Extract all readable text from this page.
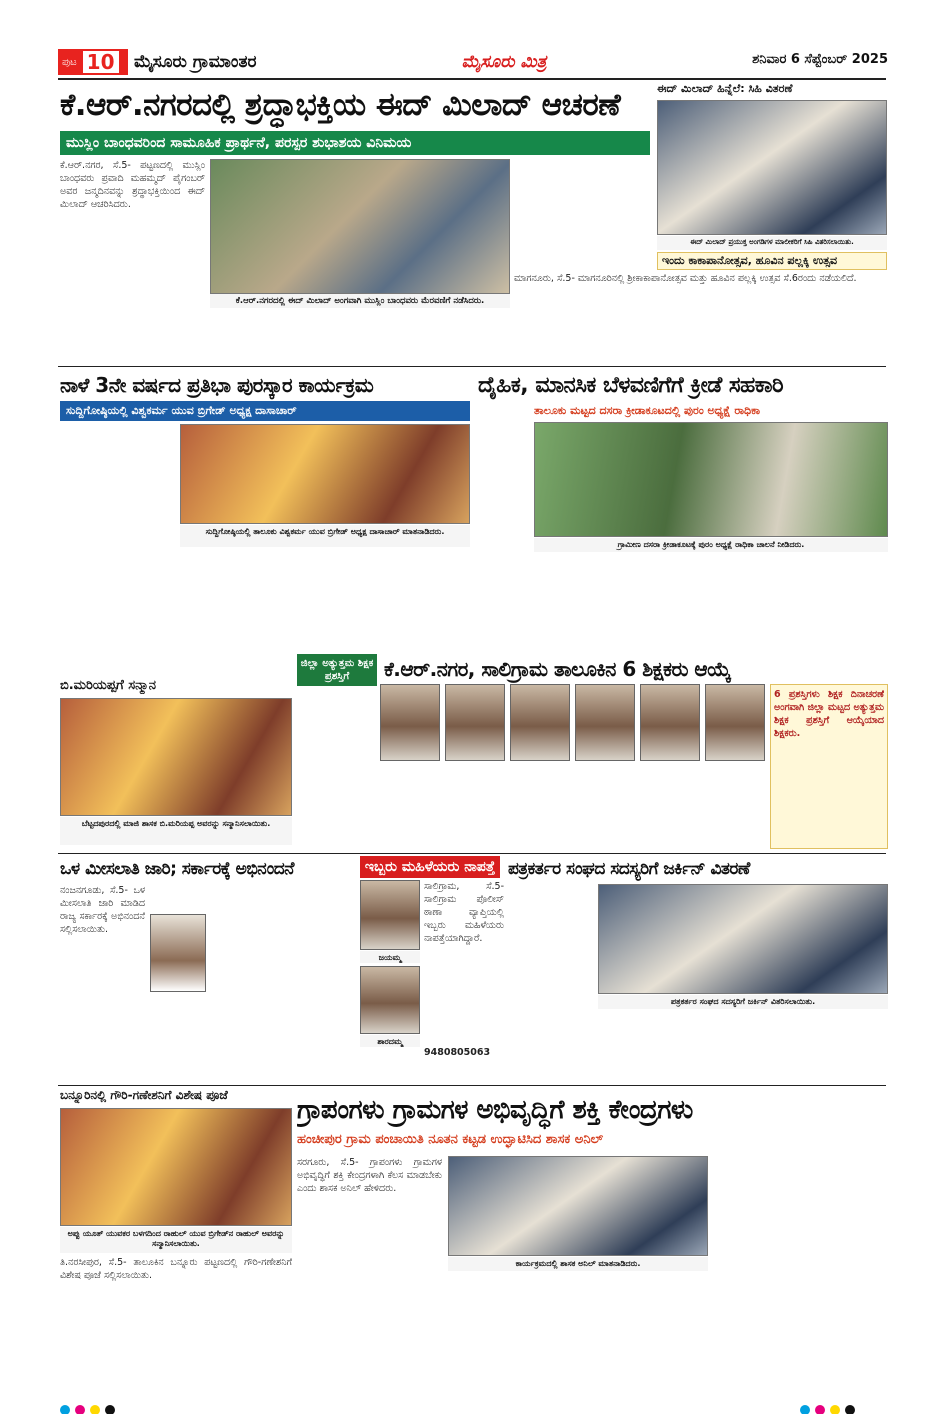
ಪುಟ 10 ಮೈಸೂರು ಗ್ರಾಮಾಂತರ	ಮೈಸೂರು ಮಿತ್ರ	ಶನಿವಾರ 6 ಸೆಪ್ಟೆಂಬರ್ 2025
ಕೆ.ಆರ್.ನಗರದಲ್ಲಿ ಶ್ರದ್ಧಾಭಕ್ತಿಯ ಈದ್ ಮಿಲಾದ್ ಆಚರಣೆ
ಮುಸ್ಲಿಂ ಬಾಂಧವರಿಂದ ಸಾಮೂಹಿಕ ಪ್ರಾರ್ಥನೆ, ಪರಸ್ಪರ ಶುಭಾಶಯ ವಿನಿಮಯ
ಕೆ.ಆರ್.ನಗರ, ಸೆ.5- ಪಟ್ಟಣದಲ್ಲಿ ಮುಸ್ಲಿಂ ಬಾಂಧವರು ಪ್ರವಾದಿ ಮಹಮ್ಮದ್ ಪೈಗಂಬರ್ ಅವರ ಜನ್ಮದಿನವನ್ನು ಶ್ರದ್ಧಾಭಕ್ತಿಯಿಂದ ಈದ್ ಮಿಲಾದ್ ಆಚರಿಸಿದರು.
ಕೆ.ಆರ್.ನಗರದಲ್ಲಿ ಈದ್ ಮಿಲಾದ್ ಅಂಗವಾಗಿ ಮುಸ್ಲಿಂ ಬಾಂಧವರು ಮೆರವಣಿಗೆ ನಡೆಸಿದರು.
ಈದ್ ಮಿಲಾದ್ ಹಿನ್ನೆಲೆ: ಸಿಹಿ ವಿತರಣೆ
ಈದ್ ಮಿಲಾದ್ ಪ್ರಯುಕ್ತ ಅಂಗಡಿಗಳ ಮಾಲೀಕರಿಗೆ ಸಿಹಿ ವಿತರಿಸಲಾಯಿತು.
ಇಂದು ಕಾಕಾಪಾನೋತ್ಸವ, ಹೂವಿನ ಪಲ್ಲಕ್ಕಿ ಉತ್ಸವ
ಮಾಗನೂರು, ಸೆ.5- ಮಾಗನೂರಿನಲ್ಲಿ ಶ್ರೀಕಾಕಾಪಾನೋತ್ಸವ ಮತ್ತು ಹೂವಿನ ಪಲ್ಲಕ್ಕಿ ಉತ್ಸವ ಸೆ.6ರಂದು ನಡೆಯಲಿದೆ.
ನಾಳೆ 3ನೇ ವರ್ಷದ ಪ್ರತಿಭಾ ಪುರಸ್ಕಾರ ಕಾರ್ಯಕ್ರಮ
ಸುದ್ದಿಗೋಷ್ಠಿಯಲ್ಲಿ ವಿಶ್ವಕರ್ಮ ಯುವ ಬ್ರಿಗೇಡ್ ಅಧ್ಯಕ್ಷ ದಾಸಾಚಾರ್
ಸುದ್ದಿಗೋಷ್ಠಿಯಲ್ಲಿ ತಾಲೂಕು ವಿಶ್ವಕರ್ಮ ಯುವ ಬ್ರಿಗೇಡ್ ಅಧ್ಯಕ್ಷ ದಾಸಾಚಾರ್ ಮಾತನಾಡಿದರು.
ದೈಹಿಕ, ಮಾನಸಿಕ ಬೆಳವಣಿಗೆಗೆ ಕ್ರೀಡೆ ಸಹಕಾರಿ
ತಾಲೂಕು ಮಟ್ಟದ ದಸರಾ ಕ್ರೀಡಾಕೂಟದಲ್ಲಿ ಪುರಂ ಅಧ್ಯಕ್ಷೆ ರಾಧಿಕಾ
ಗ್ರಾಮೀಣ ದಸರಾ ಕ್ರೀಡಾಕೂಟಕ್ಕೆ ಪುರಂ ಅಧ್ಯಕ್ಷೆ ರಾಧಿಕಾ ಚಾಲನೆ ನೀಡಿದರು.
ಬಿ.ಮರಿಯಪ್ಪಗೆ ಸನ್ಮಾನ
ಬೆಟ್ಟದಪುರದಲ್ಲಿ ಮಾಜಿ ಶಾಸಕ ಬಿ.ಮರಿಯಪ್ಪ ಅವರನ್ನು ಸನ್ಮಾನಿಸಲಾಯಿತು.
ಜಿಲ್ಲಾ ಅತ್ಯುತ್ತಮ ಶಿಕ್ಷಕ ಪ್ರಶಸ್ತಿಗೆ	ಕೆ.ಆರ್.ನಗರ, ಸಾಲಿಗ್ರಾಮ ತಾಲೂಕಿನ 6 ಶಿಕ್ಷಕರು ಆಯ್ಕೆ
6 ಪ್ರಶಸ್ತಿಗಳು ಶಿಕ್ಷಕ ದಿನಾಚರಣೆ ಅಂಗವಾಗಿ ಜಿಲ್ಲಾ ಮಟ್ಟದ ಅತ್ಯುತ್ತಮ ಶಿಕ್ಷಕ ಪ್ರಶಸ್ತಿಗೆ ಆಯ್ಕೆಯಾದ ಶಿಕ್ಷಕರು.
ಒಳ ಮೀಸಲಾತಿ ಜಾರಿ; ಸರ್ಕಾರಕ್ಕೆ ಅಭಿನಂದನೆ
ನಂಜನಗೂಡು, ಸೆ.5- ಒಳ ಮೀಸಲಾತಿ ಜಾರಿ ಮಾಡಿದ ರಾಜ್ಯ ಸರ್ಕಾರಕ್ಕೆ ಅಭಿನಂದನೆ ಸಲ್ಲಿಸಲಾಯಿತು.
ಇಬ್ಬರು ಮಹಿಳೆಯರು ನಾಪತ್ತೆ
ಜಯಮ್ಮ
ಶಾರದಮ್ಮ
ಸಾಲಿಗ್ರಾಮ, ಸೆ.5- ಸಾಲಿಗ್ರಾಮ ಪೊಲೀಸ್ ಠಾಣಾ ವ್ಯಾಪ್ತಿಯಲ್ಲಿ ಇಬ್ಬರು ಮಹಿಳೆಯರು ನಾಪತ್ತೆಯಾಗಿದ್ದಾರೆ.
9480805063
ಪತ್ರಕರ್ತರ ಸಂಘದ ಸದಸ್ಯರಿಗೆ ಜರ್ಕಿನ್ ವಿತರಣೆ
ಪತ್ರಕರ್ತರ ಸಂಘದ ಸದಸ್ಯರಿಗೆ ಜರ್ಕಿನ್ ವಿತರಿಸಲಾಯಿತು.
ಬನ್ನೂರಿನಲ್ಲಿ ಗೌರಿ-ಗಣೇಶನಿಗೆ ವಿಶೇಷ ಪೂಜೆ
ಅಪ್ಪು ಯೂತ್ ಯುವಕರ ಬಳಗದಿಂದ ರಾಹುಲ್ ಯುವ ಬ್ರಿಗೇಡ್‌ನ ರಾಹುಲ್ ಅವರನ್ನು ಸನ್ಮಾನಿಸಲಾಯಿತು.
ತಿ.ನರಸೀಪುರ, ಸೆ.5- ತಾಲೂಕಿನ ಬನ್ನೂರು ಪಟ್ಟಣದಲ್ಲಿ ಗೌರಿ-ಗಣೇಶನಿಗೆ ವಿಶೇಷ ಪೂಜೆ ಸಲ್ಲಿಸಲಾಯಿತು.
ಗ್ರಾಪಂಗಳು ಗ್ರಾಮಗಳ ಅಭಿವೃದ್ಧಿಗೆ ಶಕ್ತಿ ಕೇಂದ್ರಗಳು
ಹಂಚೀಪುರ ಗ್ರಾಮ ಪಂಚಾಯಿತಿ ನೂತನ ಕಟ್ಟಡ ಉದ್ಘಾಟಿಸಿದ ಶಾಸಕ ಅನಿಲ್
ಸರಗೂರು, ಸೆ.5- ಗ್ರಾಪಂಗಳು ಗ್ರಾಮಗಳ ಅಭಿವೃದ್ಧಿಗೆ ಶಕ್ತಿ ಕೇಂದ್ರಗಳಾಗಿ ಕೆಲಸ ಮಾಡಬೇಕು ಎಂದು ಶಾಸಕ ಅನಿಲ್ ಹೇಳಿದರು.
ಕಾರ್ಯಕ್ರಮದಲ್ಲಿ ಶಾಸಕ ಅನಿಲ್ ಮಾತನಾಡಿದರು.
